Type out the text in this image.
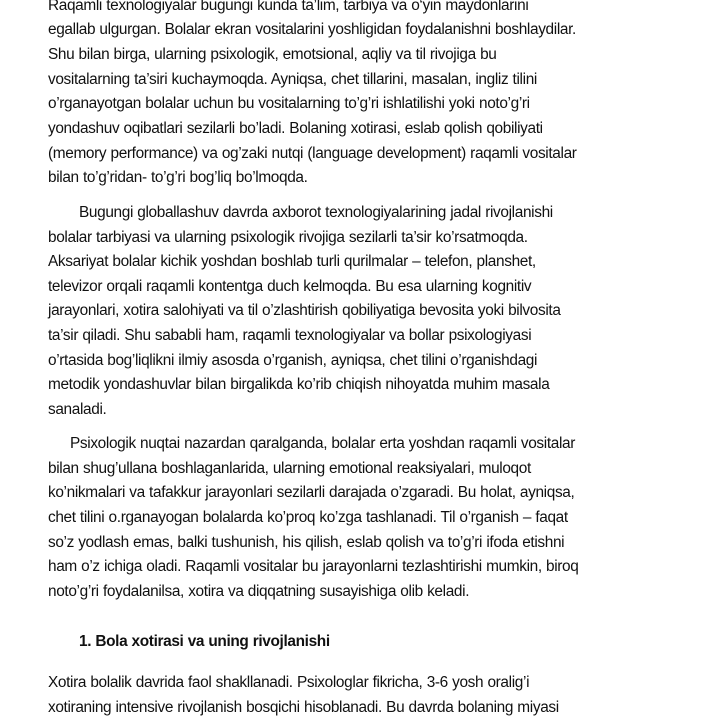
Raqamli texnologiyalar bugungi kunda ta’lim, tarbiya va o‘yin maydonlarini
egallab ulgurgan. Bolalar ekran vositalarini yoshligidan foydalanishni boshlaydilar.
Shu bilan birga, ularning psixologik, emotsional, aqliy va til rivojiga bu
vositalarning ta’siri kuchaymoqda. Ayniqsa, chet tillarini, masalan, ingliz tilini
o’rganayotgan bolalar uchun bu vositalarning to’g’ri ishlatilishi yoki noto’g’ri
yondashuv oqibatlari sezilarli bo’ladi. Bolaning xotirasi, eslab qolish qobiliyati
(memory performance) va og’zaki nutqi (language development) raqamli vositalar
bilan to’g’ridan- to’g’ri bog’liq bo’lmoqda.
Bugungi globallashuv davrda axborot texnologiyalarining jadal rivojlanishi
bolalar tarbiyasi va ularning psixologik rivojiga sezilarli ta’sir ko’rsatmoqda.
Aksariyat bolalar kichik yoshdan boshlab turli qurilmalar – telefon, planshet,
televizor orqali raqamli kontentga duch kelmoqda. Bu esa ularning kognitiv
jarayonlari, xotira salohiyati va til o’zlashtirish qobiliyatiga bevosita yoki bilvosita
ta’sir qiladi. Shu sababli ham, raqamli texnologiyalar va bollar psixologiyasi
o’rtasida bog’liqlikni ilmiy asosda o’rganish, ayniqsa, chet tilini o’rganishdagi
metodik yondashuvlar bilan birgalikda ko’rib chiqish nihoyatda muhim masala
sanaladi.
Psixologik nuqtai nazardan qaralganda, bolalar erta yoshdan raqamli vositalar
bilan shug’ullana boshlaganlarida, ularning emotional reaksiyalari, muloqot
ko’nikmalari va tafakkur jarayonlari sezilarli darajada o’zgaradi. Bu holat, ayniqsa,
chet tilini o.rganayogan bolalarda ko’proq ko’zga tashlanadi. Til o’rganish – faqat
so’z yodlash emas, balki tushunish, his qilish, eslab qolish va to’g’ri ifoda etishni
ham o’z ichiga oladi. Raqamli vositalar bu jarayonlarni tezlashtirishi mumkin, biroq
noto’g’ri foydalanilsa, xotira va diqqatning susayishiga olib keladi.
1. Bola xotirasi va uning rivojlanishi
Xotira bolalik davrida faol shakllanadi. Psixologlar fikricha, 3-6 yosh oralig’i
xotiraning intensive rivojlanish bosqichi hisoblanadi. Bu davrda bolaning miyasi
